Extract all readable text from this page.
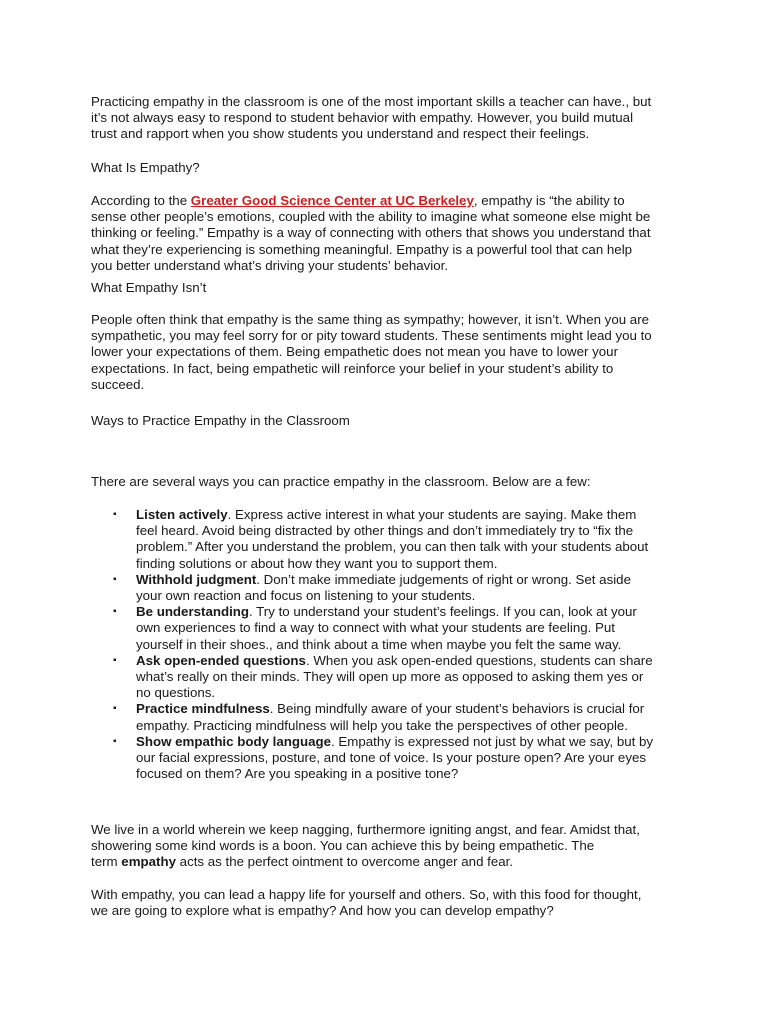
Practicing empathy in the classroom is one of the most important skills a teacher can have., but
it’s not always easy to respond to student behavior with empathy. However, you build mutual
trust and rapport when you show students you understand and respect their feelings.

What Is Empathy?

According to the Greater Good Science Center at UC Berkeley, empathy is “the ability to
sense other people’s emotions, coupled with the ability to imagine what someone else might be
thinking or feeling.” Empathy is a way of connecting with others that shows you understand that
what they’re experiencing is something meaningful. Empathy is a powerful tool that can help
you better understand what’s driving your students’ behavior.

What Empathy Isn’t

People often think that empathy is the same thing as sympathy; however, it isn’t. When you are
sympathetic, you may feel sorry for or pity toward students. These sentiments might lead you to
lower your expectations of them. Being empathetic does not mean you have to lower your
expectations. In fact, being empathetic will reinforce your belief in your student’s ability to
succeed.

Ways to Practice Empathy in the Classroom

There are several ways you can practice empathy in the classroom. Below are a few:

▪ Listen actively. Express active interest in what your students are saying. Make them
feel heard. Avoid being distracted by other things and don’t immediately try to “fix the
problem.” After you understand the problem, you can then talk with your students about
finding solutions or about how they want you to support them.
▪ Withhold judgment. Don’t make immediate judgements of right or wrong. Set aside
your own reaction and focus on listening to your students.
▪ Be understanding. Try to understand your student’s feelings. If you can, look at your
own experiences to find a way to connect with what your students are feeling. Put
yourself in their shoes., and think about a time when maybe you felt the same way.
▪ Ask open-ended questions. When you ask open-ended questions, students can share
what’s really on their minds. They will open up more as opposed to asking them yes or
no questions.
▪ Practice mindfulness. Being mindfully aware of your student’s behaviors is crucial for
empathy. Practicing mindfulness will help you take the perspectives of other people.
▪ Show empathic body language. Empathy is expressed not just by what we say, but by
our facial expressions, posture, and tone of voice. Is your posture open? Are your eyes
focused on them? Are you speaking in a positive tone?

We live in a world wherein we keep nagging, furthermore igniting angst, and fear. Amidst that,
showering some kind words is a boon. You can achieve this by being empathetic. The
term empathy acts as the perfect ointment to overcome anger and fear.

With empathy, you can lead a happy life for yourself and others. So, with this food for thought,
we are going to explore what is empathy? And how you can develop empathy?
